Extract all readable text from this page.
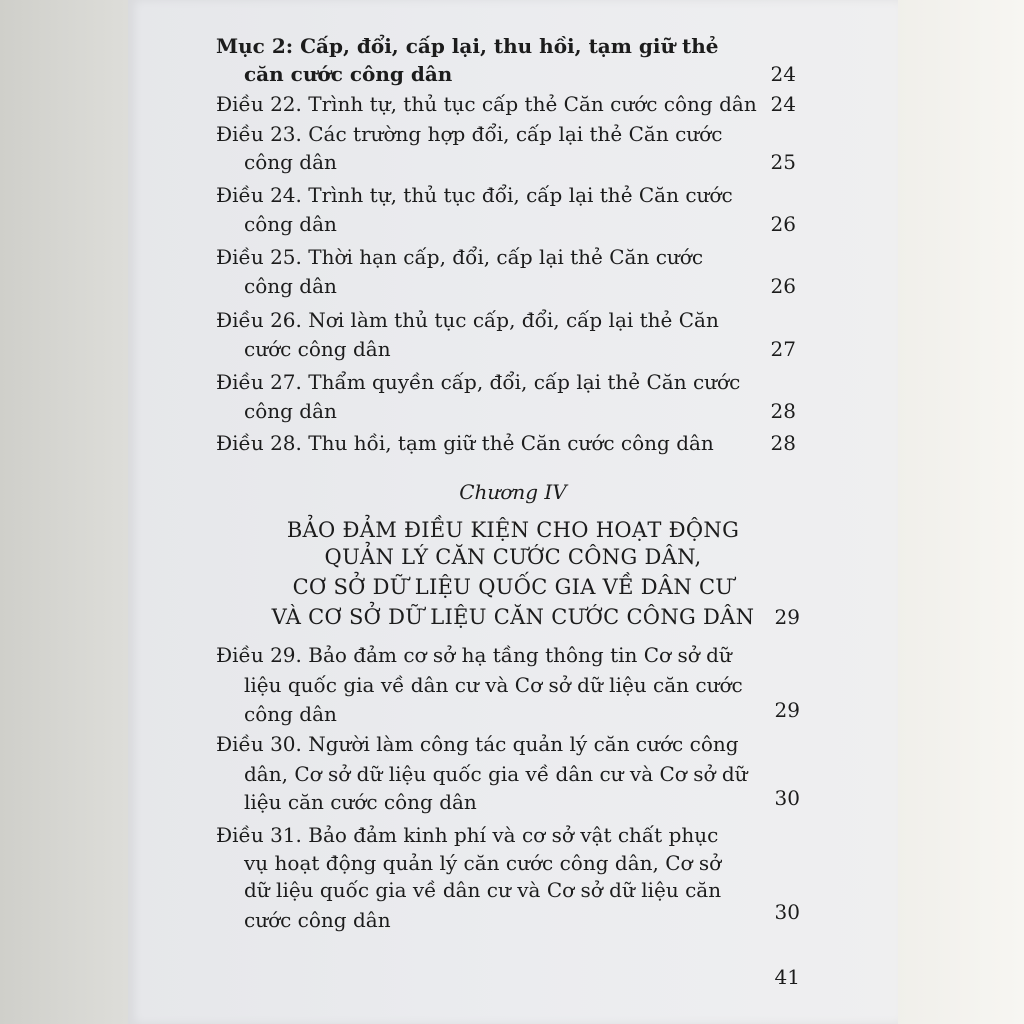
Mục 2: Cấp, đổi, cấp lại, thu hồi, tạm giữ thẻ
căn cước công dân	24
Điều 22. Trình tự, thủ tục cấp thẻ Căn cước công dân 24
Điều 23. Các trường hợp đổi, cấp lại thẻ Căn cước
công dân	25
Điều 24. Trình tự, thủ tục đổi, cấp lại thẻ Căn cước
công dân	26
Điều 25. Thời hạn cấp, đổi, cấp lại thẻ Căn cước
công dân	26
Điều 26. Nơi làm thủ tục cấp, đổi, cấp lại thẻ Căn
cước công dân	27
Điều 27. Thẩm quyền cấp, đổi, cấp lại thẻ Căn cước
công dân	28
Điều 28. Thu hồi, tạm giữ thẻ Căn cước công dân	28
Chương IV
BẢO ĐẢM ĐIỀU KIỆN CHO HOẠT ĐỘNG
QUẢN LÝ CĂN CƯỚC CÔNG DÂN,
CƠ SỞ DỮ LIỆU QUỐC GIA VỀ DÂN CƯ
VÀ CƠ SỞ DỮ LIỆU CĂN CƯỚC CÔNG DÂN	29
Điều 29. Bảo đảm cơ sở hạ tầng thông tin Cơ sở dữ
liệu quốc gia về dân cư và Cơ sở dữ liệu căn cước
công dân	29
Điều 30. Người làm công tác quản lý căn cước công
dân, Cơ sở dữ liệu quốc gia về dân cư và Cơ sở dữ
liệu căn cước công dân	30
Điều 31. Bảo đảm kinh phí và cơ sở vật chất phục
vụ hoạt động quản lý căn cước công dân, Cơ sở
dữ liệu quốc gia về dân cư và Cơ sở dữ liệu căn
cước công dân	30
41
